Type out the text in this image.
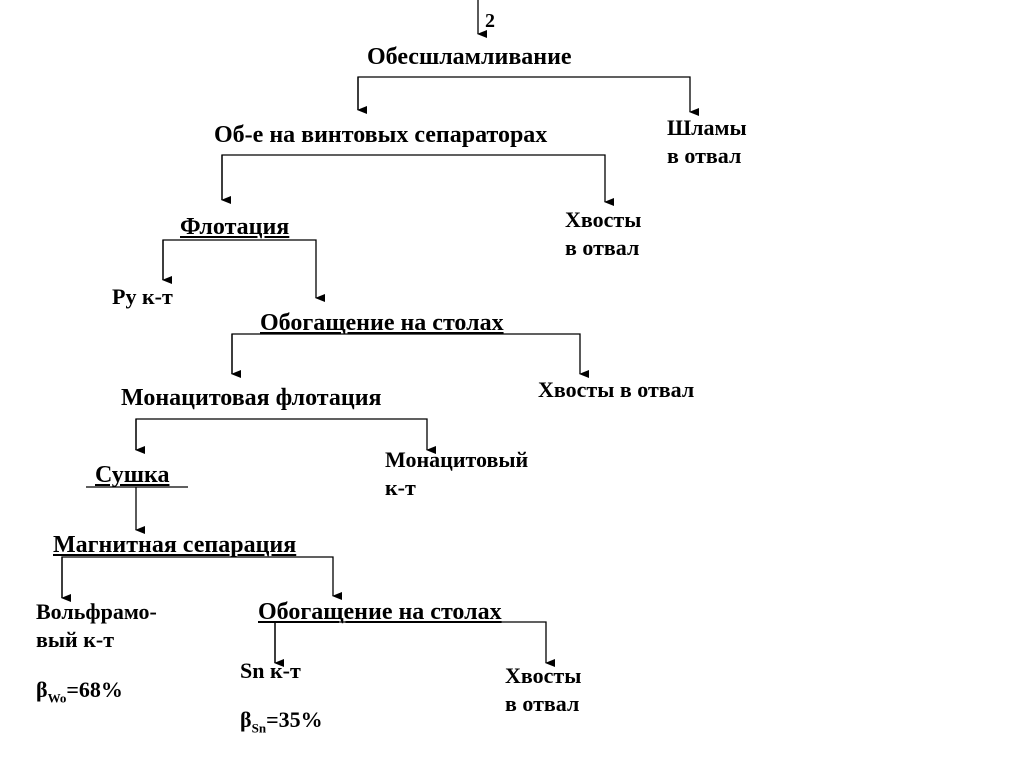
2
Обесшламливание
Шламы
в отвал
Об-е на винтовых сепараторах
Хвосты
в отвал
Флотация
Py к-т
Обогащение на столах
Хвосты в отвал
Монацитовая флотация
Монацитовый
к-т
Сушка
Магнитная сепарация
Вольфрамо-
вый к-т
$\beta_{Wo}=68\%$
Обогащение на столах
Sn к-т
$\beta_{Sn}=35\%$
Хвосты
в отвал
